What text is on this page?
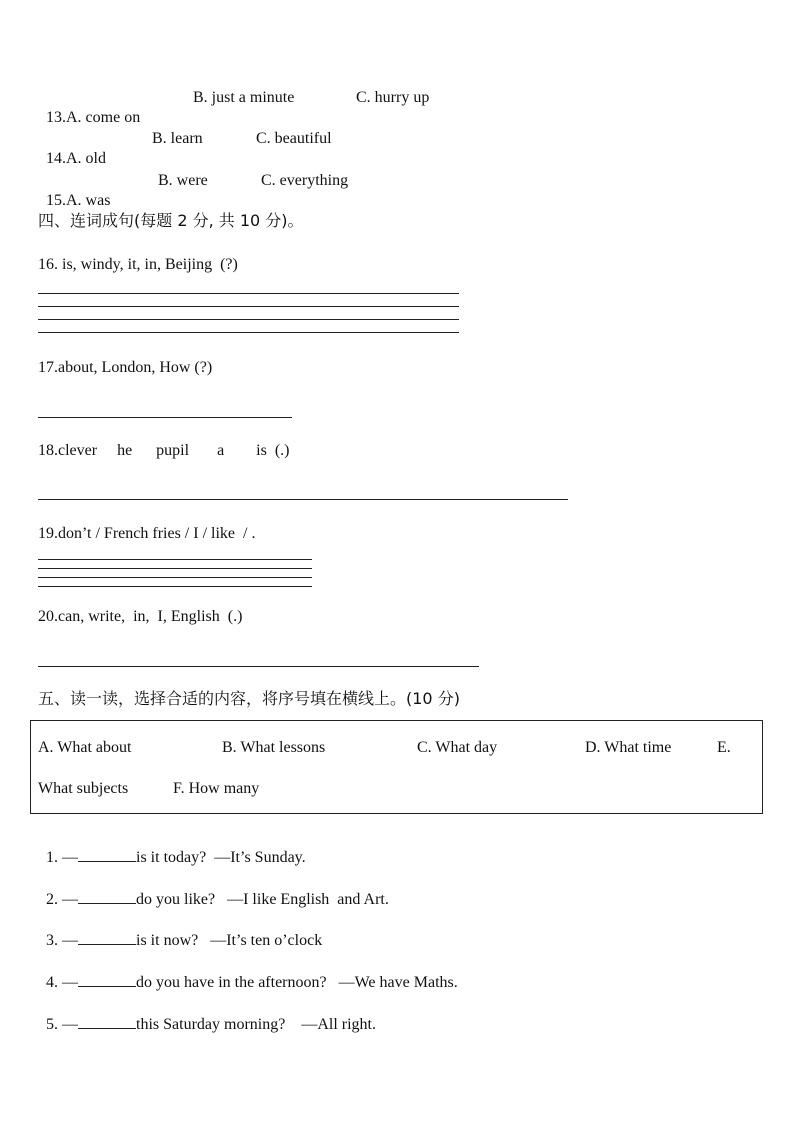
13.A. come on

B. just a minute	C. hurry up

14.A. old

B. learn	C. beautiful

15.A. was

B. were	C. everything
四、连词成句(每题 2 分, 共 10 分)。
16. is, windy, it, in, Beijing  (?)
17.about, London, How (?)
18.clever     he      pupil       a        is  (.)
19.don’t / French fries / I / like  / .
20.can, write,  in,  I, English  (.)
五、读一读，选择合适的内容，将序号填在横线上。(10 分)
A. What about	B. What lessons	C. What day	D. What time	E.
What subjects	F. How many

1. —	is it today? —It’s Sunday.

2. —	do you like? —I like English  and Art.

3. —	is it now? —It’s ten o’clock

4. —	do you have in the afternoon? —We have Maths.

5. —	this Saturday morning? —All right.
